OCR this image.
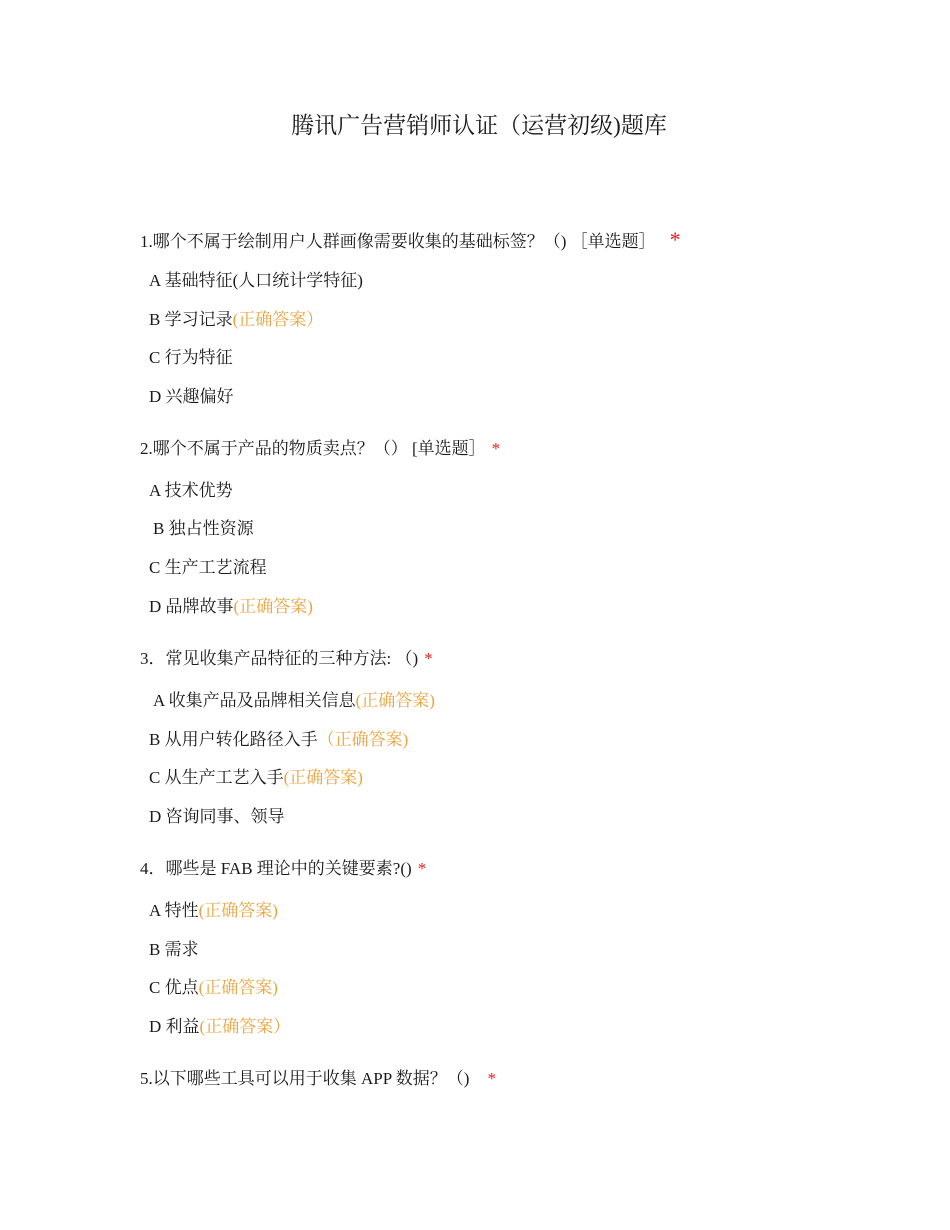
腾讯广告营销师认证（运营初级)题库
1.哪个不属于绘制用户人群画像需要收集的基础标签？（) ［单选题］ *
A 基础特征(人口统计学特征)
B 学习记录(正确答案）
C 行为特征
D 兴趣偏好
2.哪个不属于产品的物质卖点？（） [单选题］ *
A 技术优势
B 独占性资源
C 生产工艺流程
D 品牌故事(正确答案)
3．常见收集产品特征的三种方法: （) *
A 收集产品及品牌相关信息(正确答案)
B 从用户转化路径入手（正确答案)
C 从生产工艺入手(正确答案)
D 咨询同事、领导
4．哪些是 FAB 理论中的关键要素?() *
A 特性(正确答案)
B 需求
C 优点(正确答案)
D 利益(正确答案）
5.以下哪些工具可以用于收集 APP 数据？（) *
